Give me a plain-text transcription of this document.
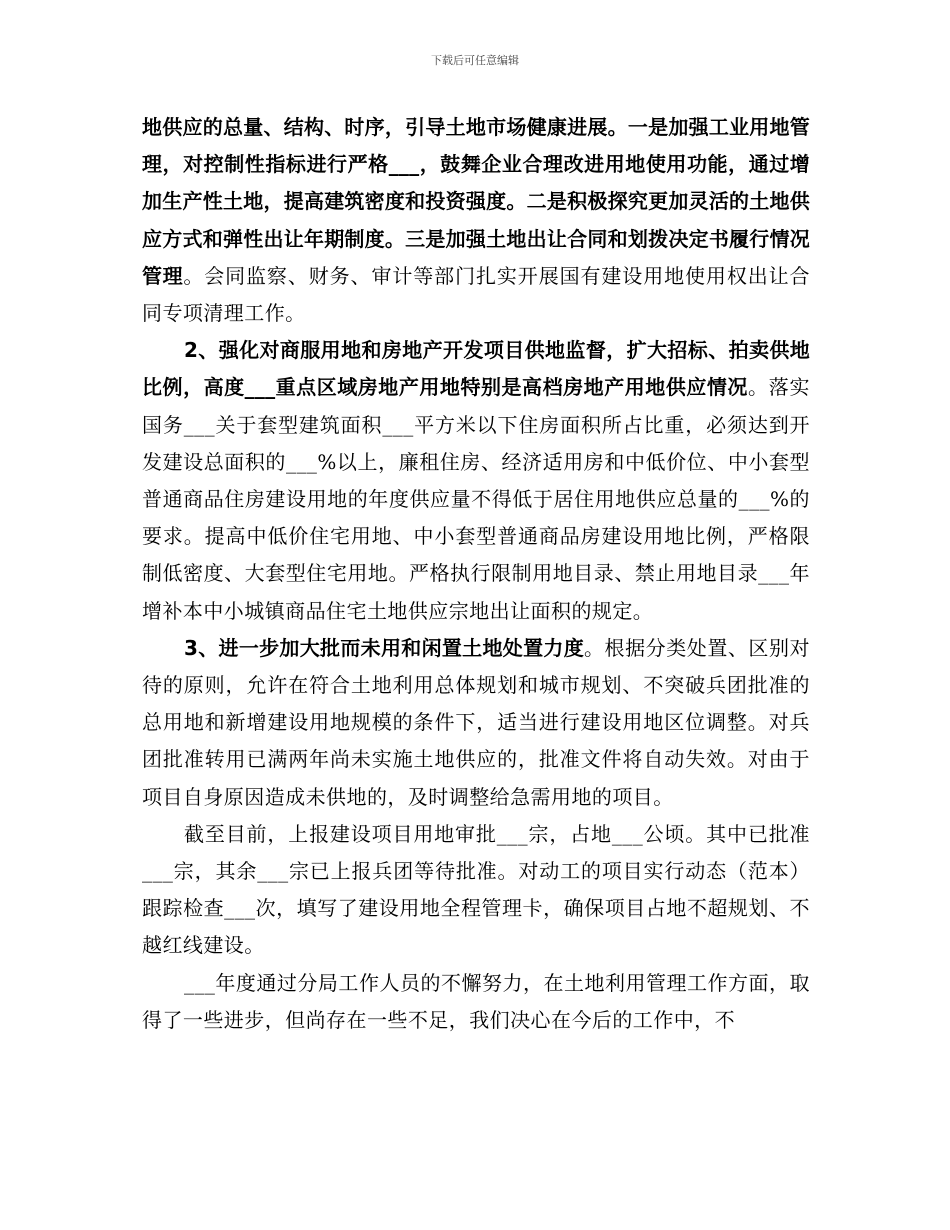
下载后可任意编辑

地供应的总量、结构、时序，引导土地市场健康进展。一是加强工业用地管理，对控制性指标进行严格___，鼓舞企业合理改进用地使用功能，通过增加生产性土地，提高建筑密度和投资强度。二是积极探究更加灵活的土地供应方式和弹性出让年期制度。三是加强土地出让合同和划拨决定书履行情况管理。会同监察、财务、审计等部门扎实开展国有建设用地使用权出让合同专项清理工作。

2、强化对商服用地和房地产开发项目供地监督，扩大招标、拍卖供地比例，高度___重点区域房地产用地特别是高档房地产用地供应情况。落实国务___关于套型建筑面积___平方米以下住房面积所占比重，必须达到开发建设总面积的___%以上，廉租住房、经济适用房和中低价位、中小套型普通商品住房建设用地的年度供应量不得低于居住用地供应总量的___%的要求。提高中低价住宅用地、中小套型普通商品房建设用地比例，严格限制低密度、大套型住宅用地。严格执行限制用地目录、禁止用地目录___年增补本中小城镇商品住宅土地供应宗地出让面积的规定。

3、进一步加大批而未用和闲置土地处置力度。根据分类处置、区别对待的原则，允许在符合土地利用总体规划和城市规划、不突破兵团批准的总用地和新增建设用地规模的条件下，适当进行建设用地区位调整。对兵团批准转用已满两年尚未实施土地供应的，批准文件将自动失效。对由于项目自身原因造成未供地的，及时调整给急需用地的项目。

截至目前，上报建设项目用地审批___宗，占地___公顷。其中已批准___宗，其余___宗已上报兵团等待批准。对动工的项目实行动态（范本）跟踪检查___次，填写了建设用地全程管理卡，确保项目占地不超规划、不越红线建设。

___年度通过分局工作人员的不懈努力，在土地利用管理工作方面，取得了一些进步，但尚存在一些不足，我们决心在今后的工作中，不
